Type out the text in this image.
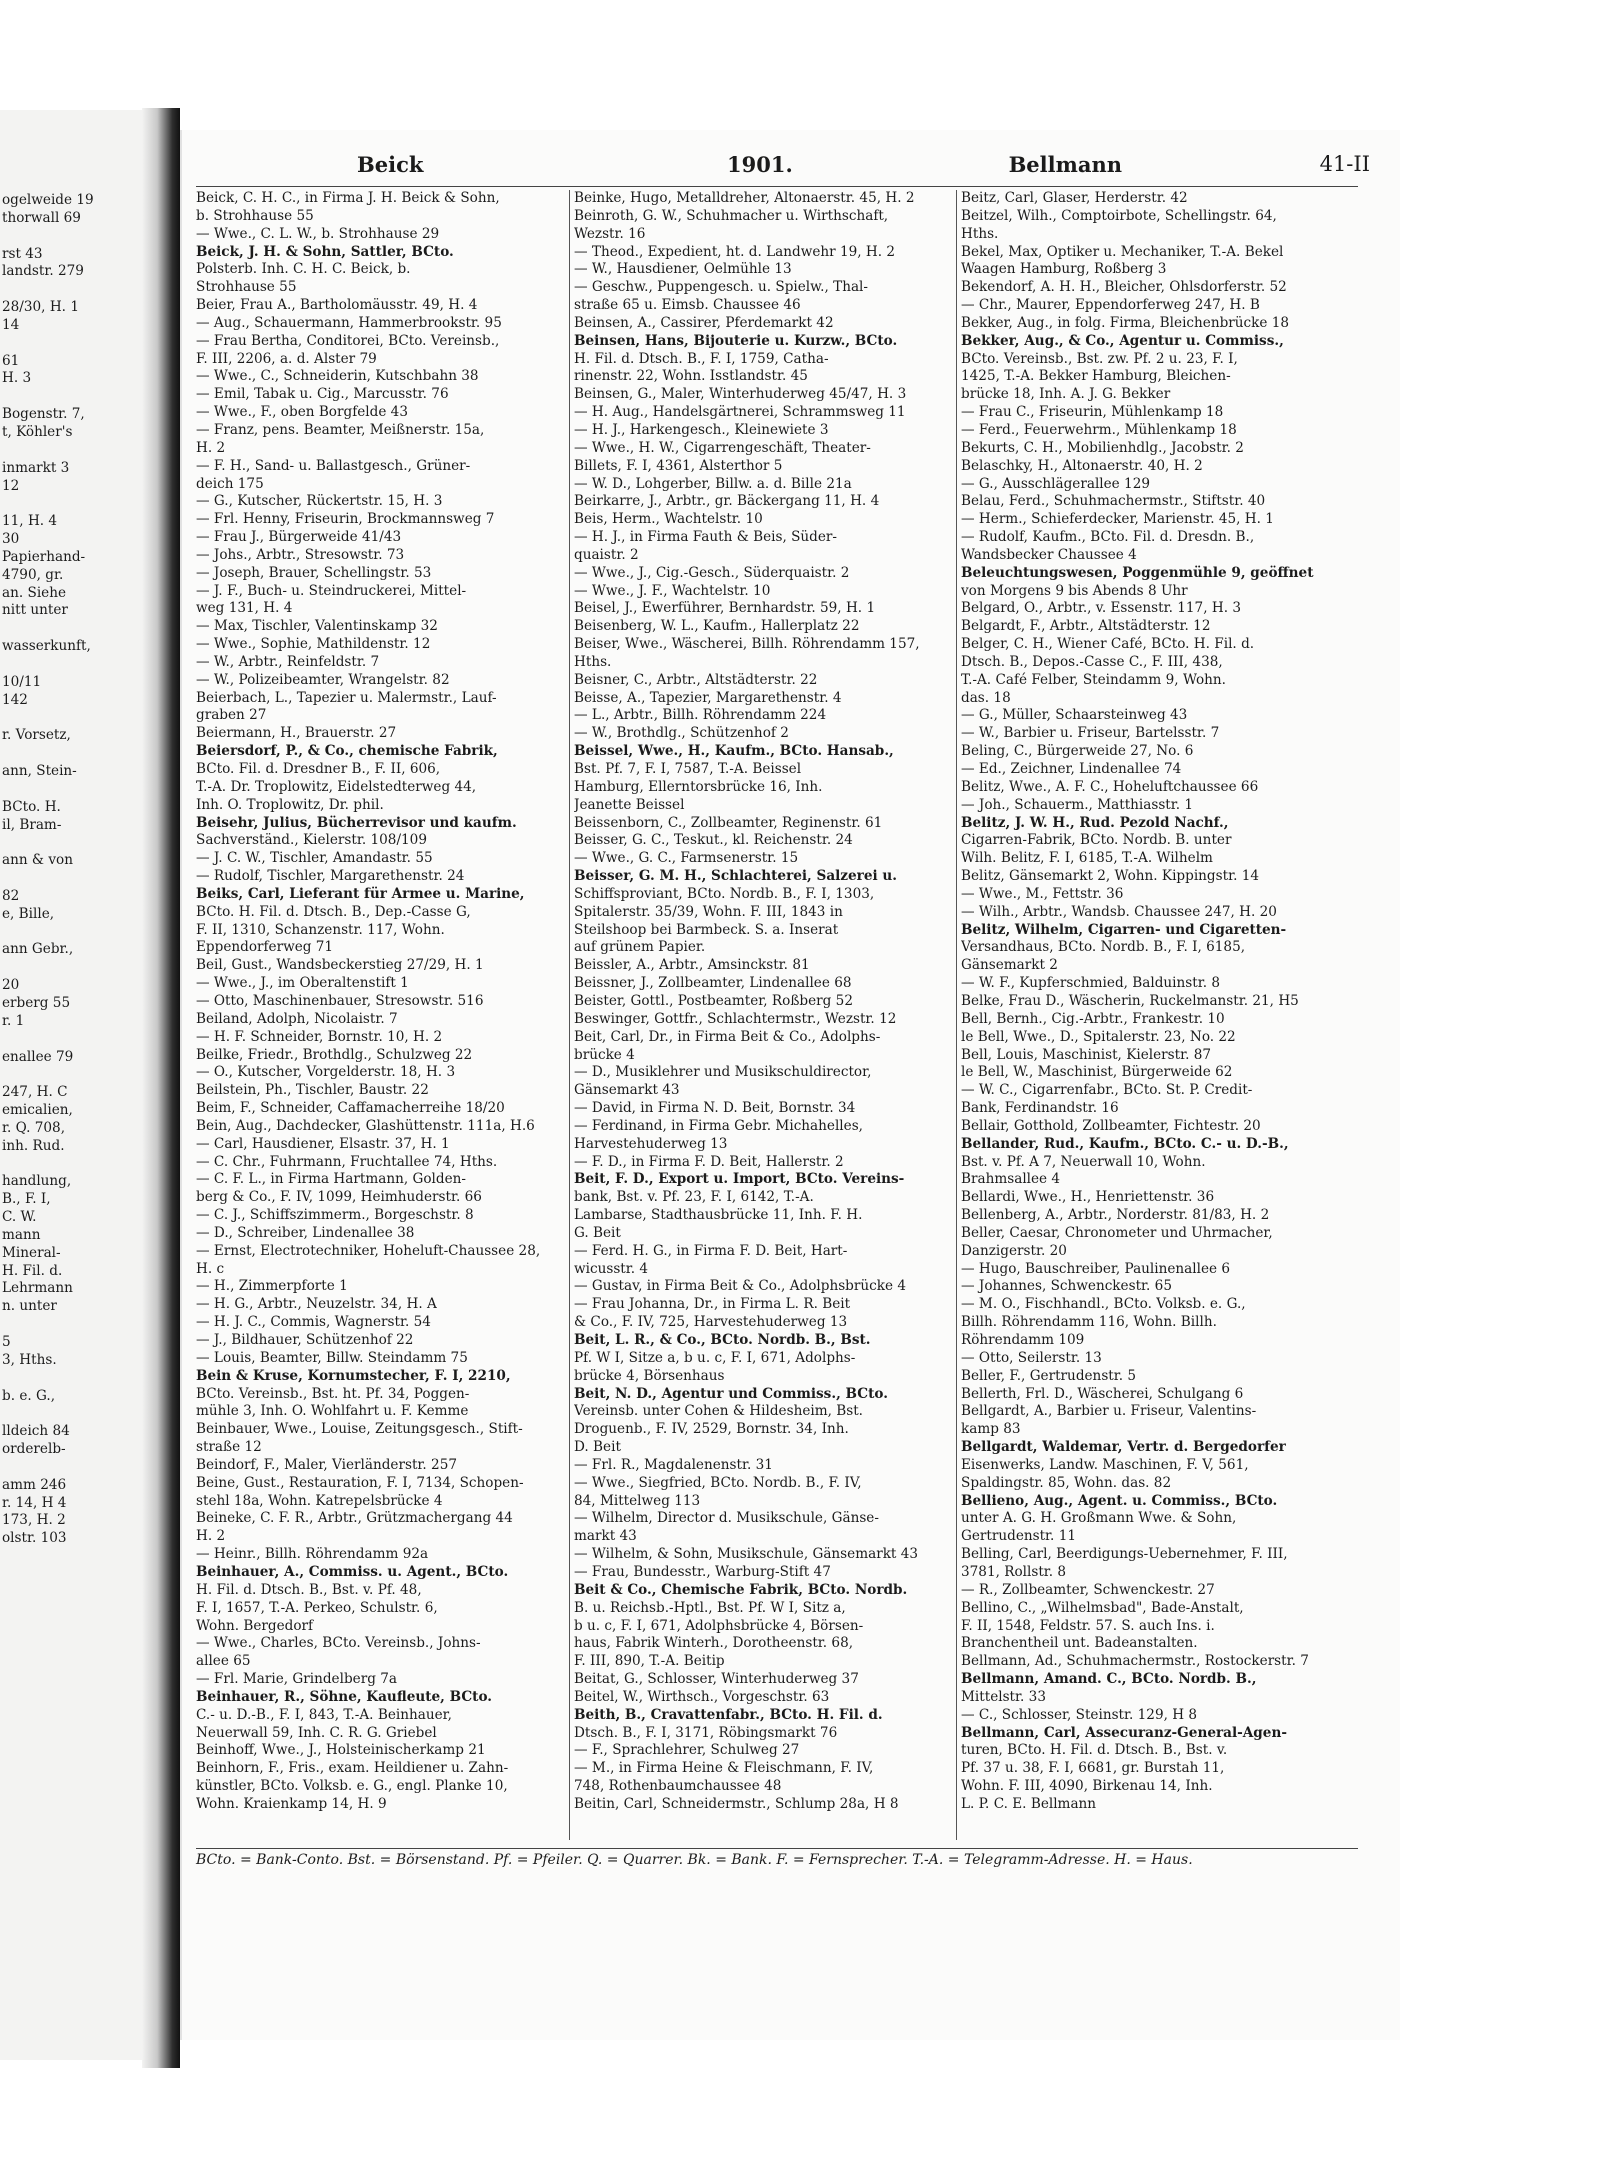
ogelweide 19
thorwall 69
rst 43
landstr. 279
28/30, H. 1
14
61
H. 3
Bogenstr. 7,
t, Köhler's
inmarkt 3
12
11, H. 4
30
Papierhand-
4790, gr.
an. Siehe
nitt unter
wasserkunft,
10/11
142
r. Vorsetz,
ann, Stein-
BCto. H.
il, Bram-
ann & von
82
e, Bille,
ann Gebr.,
20
erberg 55
r. 1
enallee 79
247, H. C
emicalien,
r. Q. 708,
inh. Rud.
handlung,
B., F. I,
C. W.
mann
Mineral-
H. Fil. d.
Lehrmann
n. unter
5
3, Hths.
b. e. G.,
lldeich 84
orderelb-
amm 246
r. 14, H 4
173, H. 2
olstr. 103
Beick	1901.	Bellmann	41-II
Beick, C. H. C., in Firma J. H. Beick & Sohn,
b. Strohhause 55
— Wwe., C. L. W., b. Strohhause 29
Beick, J. H. & Sohn, Sattler, BCto.
Polsterb. Inh. C. H. C. Beick, b.
Strohhause 55
Beier, Frau A., Bartholomäusstr. 49, H. 4
— Aug., Schauermann, Hammerbrookstr. 95
— Frau Bertha, Conditorei, BCto. Vereinsb.,
F. III, 2206, a. d. Alster 79
— Wwe., C., Schneiderin, Kutschbahn 38
— Emil, Tabak u. Cig., Marcusstr. 76
— Wwe., F., oben Borgfelde 43
— Franz, pens. Beamter, Meißnerstr. 15a,
H. 2
— F. H., Sand- u. Ballastgesch., Grüner-
deich 175
— G., Kutscher, Rückertstr. 15, H. 3
— Frl. Henny, Friseurin, Brockmannsweg 7
— Frau J., Bürgerweide 41/43
— Johs., Arbtr., Stresowstr. 73
— Joseph, Brauer, Schellingstr. 53
— J. F., Buch- u. Steindruckerei, Mittel-
weg 131, H. 4
— Max, Tischler, Valentinskamp 32
— Wwe., Sophie, Mathildenstr. 12
— W., Arbtr., Reinfeldstr. 7
— W., Polizeibeamter, Wrangelstr. 82
Beierbach, L., Tapezier u. Malermstr., Lauf-
graben 27
Beiermann, H., Brauerstr. 27
Beiersdorf, P., & Co., chemische Fabrik,
BCto. Fil. d. Dresdner B., F. II, 606,
T.-A. Dr. Troplowitz, Eidelstedterweg 44,
Inh. O. Troplowitz, Dr. phil.
Beisehr, Julius, Bücherrevisor und kaufm.
Sachverständ., Kielerstr. 108/109
— J. C. W., Tischler, Amandastr. 55
— Rudolf, Tischler, Margarethenstr. 24
Beiks, Carl, Lieferant für Armee u. Marine,
BCto. H. Fil. d. Dtsch. B., Dep.-Casse G,
F. II, 1310, Schanzenstr. 117, Wohn.
Eppendorferweg 71
Beil, Gust., Wandsbeckerstieg 27/29, H. 1
— Wwe., J., im Oberaltenstift 1
— Otto, Maschinenbauer, Stresowstr. 516
Beiland, Adolph, Nicolaistr. 7
— H. F. Schneider, Bornstr. 10, H. 2
Beilke, Friedr., Brothdlg., Schulzweg 22
— O., Kutscher, Vorgelderstr. 18, H. 3
Beilstein, Ph., Tischler, Baustr. 22
Beim, F., Schneider, Caffamacherreihe 18/20
Bein, Aug., Dachdecker, Glashüttenstr. 111a, H.6
— Carl, Hausdiener, Elsastr. 37, H. 1
— C. Chr., Fuhrmann, Fruchtallee 74, Hths.
— C. F. L., in Firma Hartmann, Golden-
berg & Co., F. IV, 1099, Heimhuderstr. 66
— C. J., Schiffszimmerm., Borgeschstr. 8
— D., Schreiber, Lindenallee 38
— Ernst, Electrotechniker, Hoheluft-Chaussee 28,
H. c
— H., Zimmerpforte 1
— H. G., Arbtr., Neuzelstr. 34, H. A
— H. J. C., Commis, Wagnerstr. 54
— J., Bildhauer, Schützenhof 22
— Louis, Beamter, Billw. Steindamm 75
Bein & Kruse, Kornumstecher, F. I, 2210,
BCto. Vereinsb., Bst. ht. Pf. 34, Poggen-
mühle 3, Inh. O. Wohlfahrt u. F. Kemme
Beinbauer, Wwe., Louise, Zeitungsgesch., Stift-
straße 12
Beindorf, F., Maler, Vierländerstr. 257
Beine, Gust., Restauration, F. I, 7134, Schopen-
stehl 18a, Wohn. Katrepelsbrücke 4
Beineke, C. F. R., Arbtr., Grützmachergang 44
H. 2
— Heinr., Billh. Röhrendamm 92a
Beinhauer, A., Commiss. u. Agent., BCto.
H. Fil. d. Dtsch. B., Bst. v. Pf. 48,
F. I, 1657, T.-A. Perkeo, Schulstr. 6,
Wohn. Bergedorf
— Wwe., Charles, BCto. Vereinsb., Johns-
allee 65
— Frl. Marie, Grindelberg 7a
Beinhauer, R., Söhne, Kaufleute, BCto.
C.- u. D.-B., F. I, 843, T.-A. Beinhauer,
Neuerwall 59, Inh. C. R. G. Griebel
Beinhoff, Wwe., J., Holsteinischerkamp 21
Beinhorn, F., Fris., exam. Heildiener u. Zahn-
künstler, BCto. Volksb. e. G., engl. Planke 10,
Wohn. Kraienkamp 14, H. 9
Beinke, Hugo, Metalldreher, Altonaerstr. 45, H. 2
Beinroth, G. W., Schuhmacher u. Wirthschaft,
Wezstr. 16
— Theod., Expedient, ht. d. Landwehr 19, H. 2
— W., Hausdiener, Oelmühle 13
— Geschw., Puppengesch. u. Spielw., Thal-
straße 65 u. Eimsb. Chaussee 46
Beinsen, A., Cassirer, Pferdemarkt 42
Beinsen, Hans, Bijouterie u. Kurzw., BCto.
H. Fil. d. Dtsch. B., F. I, 1759, Catha-
rinenstr. 22, Wohn. Isstlandstr. 45
Beinsen, G., Maler, Winterhuderweg 45/47, H. 3
— H. Aug., Handelsgärtnerei, Schrammsweg 11
— H. J., Harkengesch., Kleinewiete 3
— Wwe., H. W., Cigarrengeschäft, Theater-
Billets, F. I, 4361, Alsterthor 5
— W. D., Lohgerber, Billw. a. d. Bille 21a
Beirkarre, J., Arbtr., gr. Bäckergang 11, H. 4
Beis, Herm., Wachtelstr. 10
— H. J., in Firma Fauth & Beis, Süder-
quaistr. 2
— Wwe., J., Cig.-Gesch., Süderquaistr. 2
— Wwe., J. F., Wachtelstr. 10
Beisel, J., Ewerführer, Bernhardstr. 59, H. 1
Beisenberg, W. L., Kaufm., Hallerplatz 22
Beiser, Wwe., Wäscherei, Billh. Röhrendamm 157,
Hths.
Beisner, C., Arbtr., Altstädterstr. 22
Beisse, A., Tapezier, Margarethenstr. 4
— L., Arbtr., Billh. Röhrendamm 224
— W., Brothdlg., Schützenhof 2
Beissel, Wwe., H., Kaufm., BCto. Hansab.,
Bst. Pf. 7, F. I, 7587, T.-A. Beissel
Hamburg, Ellerntorsbrücke 16, Inh.
Jeanette Beissel
Beissenborn, C., Zollbeamter, Reginenstr. 61
Beisser, G. C., Teskut., kl. Reichenstr. 24
— Wwe., G. C., Farmsenerstr. 15
Beisser, G. M. H., Schlachterei, Salzerei u.
Schiffsproviant, BCto. Nordb. B., F. I, 1303,
Spitalerstr. 35/39, Wohn. F. III, 1843 in
Steilshoop bei Barmbeck. S. a. Inserat
auf grünem Papier.
Beissler, A., Arbtr., Amsinckstr. 81
Beissner, J., Zollbeamter, Lindenallee 68
Beister, Gottl., Postbeamter, Roßberg 52
Beswinger, Gottfr., Schlachtermstr., Wezstr. 12
Beit, Carl, Dr., in Firma Beit & Co., Adolphs-
brücke 4
— D., Musiklehrer und Musikschuldirector,
Gänsemarkt 43
— David, in Firma N. D. Beit, Bornstr. 34
— Ferdinand, in Firma Gebr. Michahelles,
Harvestehuderweg 13
— F. D., in Firma F. D. Beit, Hallerstr. 2
Beit, F. D., Export u. Import, BCto. Vereins-
bank, Bst. v. Pf. 23, F. I, 6142, T.-A.
Lambarse, Stadthausbrücke 11, Inh. F. H.
G. Beit
— Ferd. H. G., in Firma F. D. Beit, Hart-
wicusstr. 4
— Gustav, in Firma Beit & Co., Adolphsbrücke 4
— Frau Johanna, Dr., in Firma L. R. Beit
& Co., F. IV, 725, Harvestehuderweg 13
Beit, L. R., & Co., BCto. Nordb. B., Bst.
Pf. W I, Sitze a, b u. c, F. I, 671, Adolphs-
brücke 4, Börsenhaus
Beit, N. D., Agentur und Commiss., BCto.
Vereinsb. unter Cohen & Hildesheim, Bst.
Droguenb., F. IV, 2529, Bornstr. 34, Inh.
D. Beit
— Frl. R., Magdalenenstr. 31
— Wwe., Siegfried, BCto. Nordb. B., F. IV,
84, Mittelweg 113
— Wilhelm, Director d. Musikschule, Gänse-
markt 43
— Wilhelm, & Sohn, Musikschule, Gänsemarkt 43
— Frau, Bundesstr., Warburg-Stift 47
Beit & Co., Chemische Fabrik, BCto. Nordb.
B. u. Reichsb.-Hptl., Bst. Pf. W I, Sitz a,
b u. c, F. I, 671, Adolphsbrücke 4, Börsen-
haus, Fabrik Winterh., Dorotheenstr. 68,
F. III, 890, T.-A. Beitip
Beitat, G., Schlosser, Winterhuderweg 37
Beitel, W., Wirthsch., Vorgeschstr. 63
Beith, B., Cravattenfabr., BCto. H. Fil. d.
Dtsch. B., F. I, 3171, Röbingsmarkt 76
— F., Sprachlehrer, Schulweg 27
— M., in Firma Heine & Fleischmann, F. IV,
748, Rothenbaumchaussee 48
Beitin, Carl, Schneidermstr., Schlump 28a, H 8
Beitz, Carl, Glaser, Herderstr. 42
Beitzel, Wilh., Comptoirbote, Schellingstr. 64,
Hths.
Bekel, Max, Optiker u. Mechaniker, T.-A. Bekel
Waagen Hamburg, Roßberg 3
Bekendorf, A. H. H., Bleicher, Ohlsdorferstr. 52
— Chr., Maurer, Eppendorferweg 247, H. B
Bekker, Aug., in folg. Firma, Bleichenbrücke 18
Bekker, Aug., & Co., Agentur u. Commiss.,
BCto. Vereinsb., Bst. zw. Pf. 2 u. 23, F. I,
1425, T.-A. Bekker Hamburg, Bleichen-
brücke 18, Inh. A. J. G. Bekker
— Frau C., Friseurin, Mühlenkamp 18
— Ferd., Feuerwehrm., Mühlenkamp 18
Bekurts, C. H., Mobilienhdlg., Jacobstr. 2
Belaschky, H., Altonaerstr. 40, H. 2
— G., Ausschlägerallee 129
Belau, Ferd., Schuhmachermstr., Stiftstr. 40
— Herm., Schieferdecker, Marienstr. 45, H. 1
— Rudolf, Kaufm., BCto. Fil. d. Dresdn. B.,
Wandsbecker Chaussee 4
Beleuchtungswesen, Poggenmühle 9, geöffnet
von Morgens 9 bis Abends 8 Uhr
Belgard, O., Arbtr., v. Essenstr. 117, H. 3
Belgardt, F., Arbtr., Altstädterstr. 12
Belger, C. H., Wiener Café, BCto. H. Fil. d.
Dtsch. B., Depos.-Casse C., F. III, 438,
T.-A. Café Felber, Steindamm 9, Wohn.
das. 18
— G., Müller, Schaarsteinweg 43
— W., Barbier u. Friseur, Bartelsstr. 7
Beling, C., Bürgerweide 27, No. 6
— Ed., Zeichner, Lindenallee 74
Belitz, Wwe., A. F. C., Hoheluftchaussee 66
— Joh., Schauerm., Matthiasstr. 1
Belitz, J. W. H., Rud. Pezold Nachf.,
Cigarren-Fabrik, BCto. Nordb. B. unter
Wilh. Belitz, F. I, 6185, T.-A. Wilhelm
Belitz, Gänsemarkt 2, Wohn. Kippingstr. 14
— Wwe., M., Fettstr. 36
— Wilh., Arbtr., Wandsb. Chaussee 247, H. 20
Belitz, Wilhelm, Cigarren- und Cigaretten-
Versandhaus, BCto. Nordb. B., F. I, 6185,
Gänsemarkt 2
— W. F., Kupferschmied, Balduinstr. 8
Belke, Frau D., Wäscherin, Ruckelmanstr. 21, H5
Bell, Bernh., Cig.-Arbtr., Frankestr. 10
le Bell, Wwe., D., Spitalerstr. 23, No. 22
Bell, Louis, Maschinist, Kielerstr. 87
le Bell, W., Maschinist, Bürgerweide 62
— W. C., Cigarrenfabr., BCto. St. P. Credit-
Bank, Ferdinandstr. 16
Bellair, Gotthold, Zollbeamter, Fichtestr. 20
Bellander, Rud., Kaufm., BCto. C.- u. D.-B.,
Bst. v. Pf. A 7, Neuerwall 10, Wohn.
Brahmsallee 4
Bellardi, Wwe., H., Henriettenstr. 36
Bellenberg, A., Arbtr., Norderstr. 81/83, H. 2
Beller, Caesar, Chronometer und Uhrmacher,
Danzigerstr. 20
— Hugo, Bauschreiber, Paulinenallee 6
— Johannes, Schwenckestr. 65
— M. O., Fischhandl., BCto. Volksb. e. G.,
Billh. Röhrendamm 116, Wohn. Billh.
Röhrendamm 109
— Otto, Seilerstr. 13
Beller, F., Gertrudenstr. 5
Bellerth, Frl. D., Wäscherei, Schulgang 6
Bellgardt, A., Barbier u. Friseur, Valentins-
kamp 83
Bellgardt, Waldemar, Vertr. d. Bergedorfer
Eisenwerks, Landw. Maschinen, F. V, 561,
Spaldingstr. 85, Wohn. das. 82
Bellieno, Aug., Agent. u. Commiss., BCto.
unter A. G. H. Großmann Wwe. & Sohn,
Gertrudenstr. 11
Belling, Carl, Beerdigungs-Uebernehmer, F. III,
3781, Rollstr. 8
— R., Zollbeamter, Schwenckestr. 27
Bellino, C., „Wilhelmsbad", Bade-Anstalt,
F. II, 1548, Feldstr. 57. S. auch Ins. i.
Branchentheil unt. Badeanstalten.
Bellmann, Ad., Schuhmachermstr., Rostockerstr. 7
Bellmann, Amand. C., BCto. Nordb. B.,
Mittelstr. 33
— C., Schlosser, Steinstr. 129, H 8
Bellmann, Carl, Assecuranz-General-Agen-
turen, BCto. H. Fil. d. Dtsch. B., Bst. v.
Pf. 37 u. 38, F. I, 6681, gr. Burstah 11,
Wohn. F. III, 4090, Birkenau 14, Inh.
L. P. C. E. Bellmann
BCto. = Bank-Conto. Bst. = Börsenstand. Pf. = Pfeiler. Q. = Quarrer. Bk. = Bank. F. = Fernsprecher. T.-A. = Telegramm-Adresse. H. = Haus.
